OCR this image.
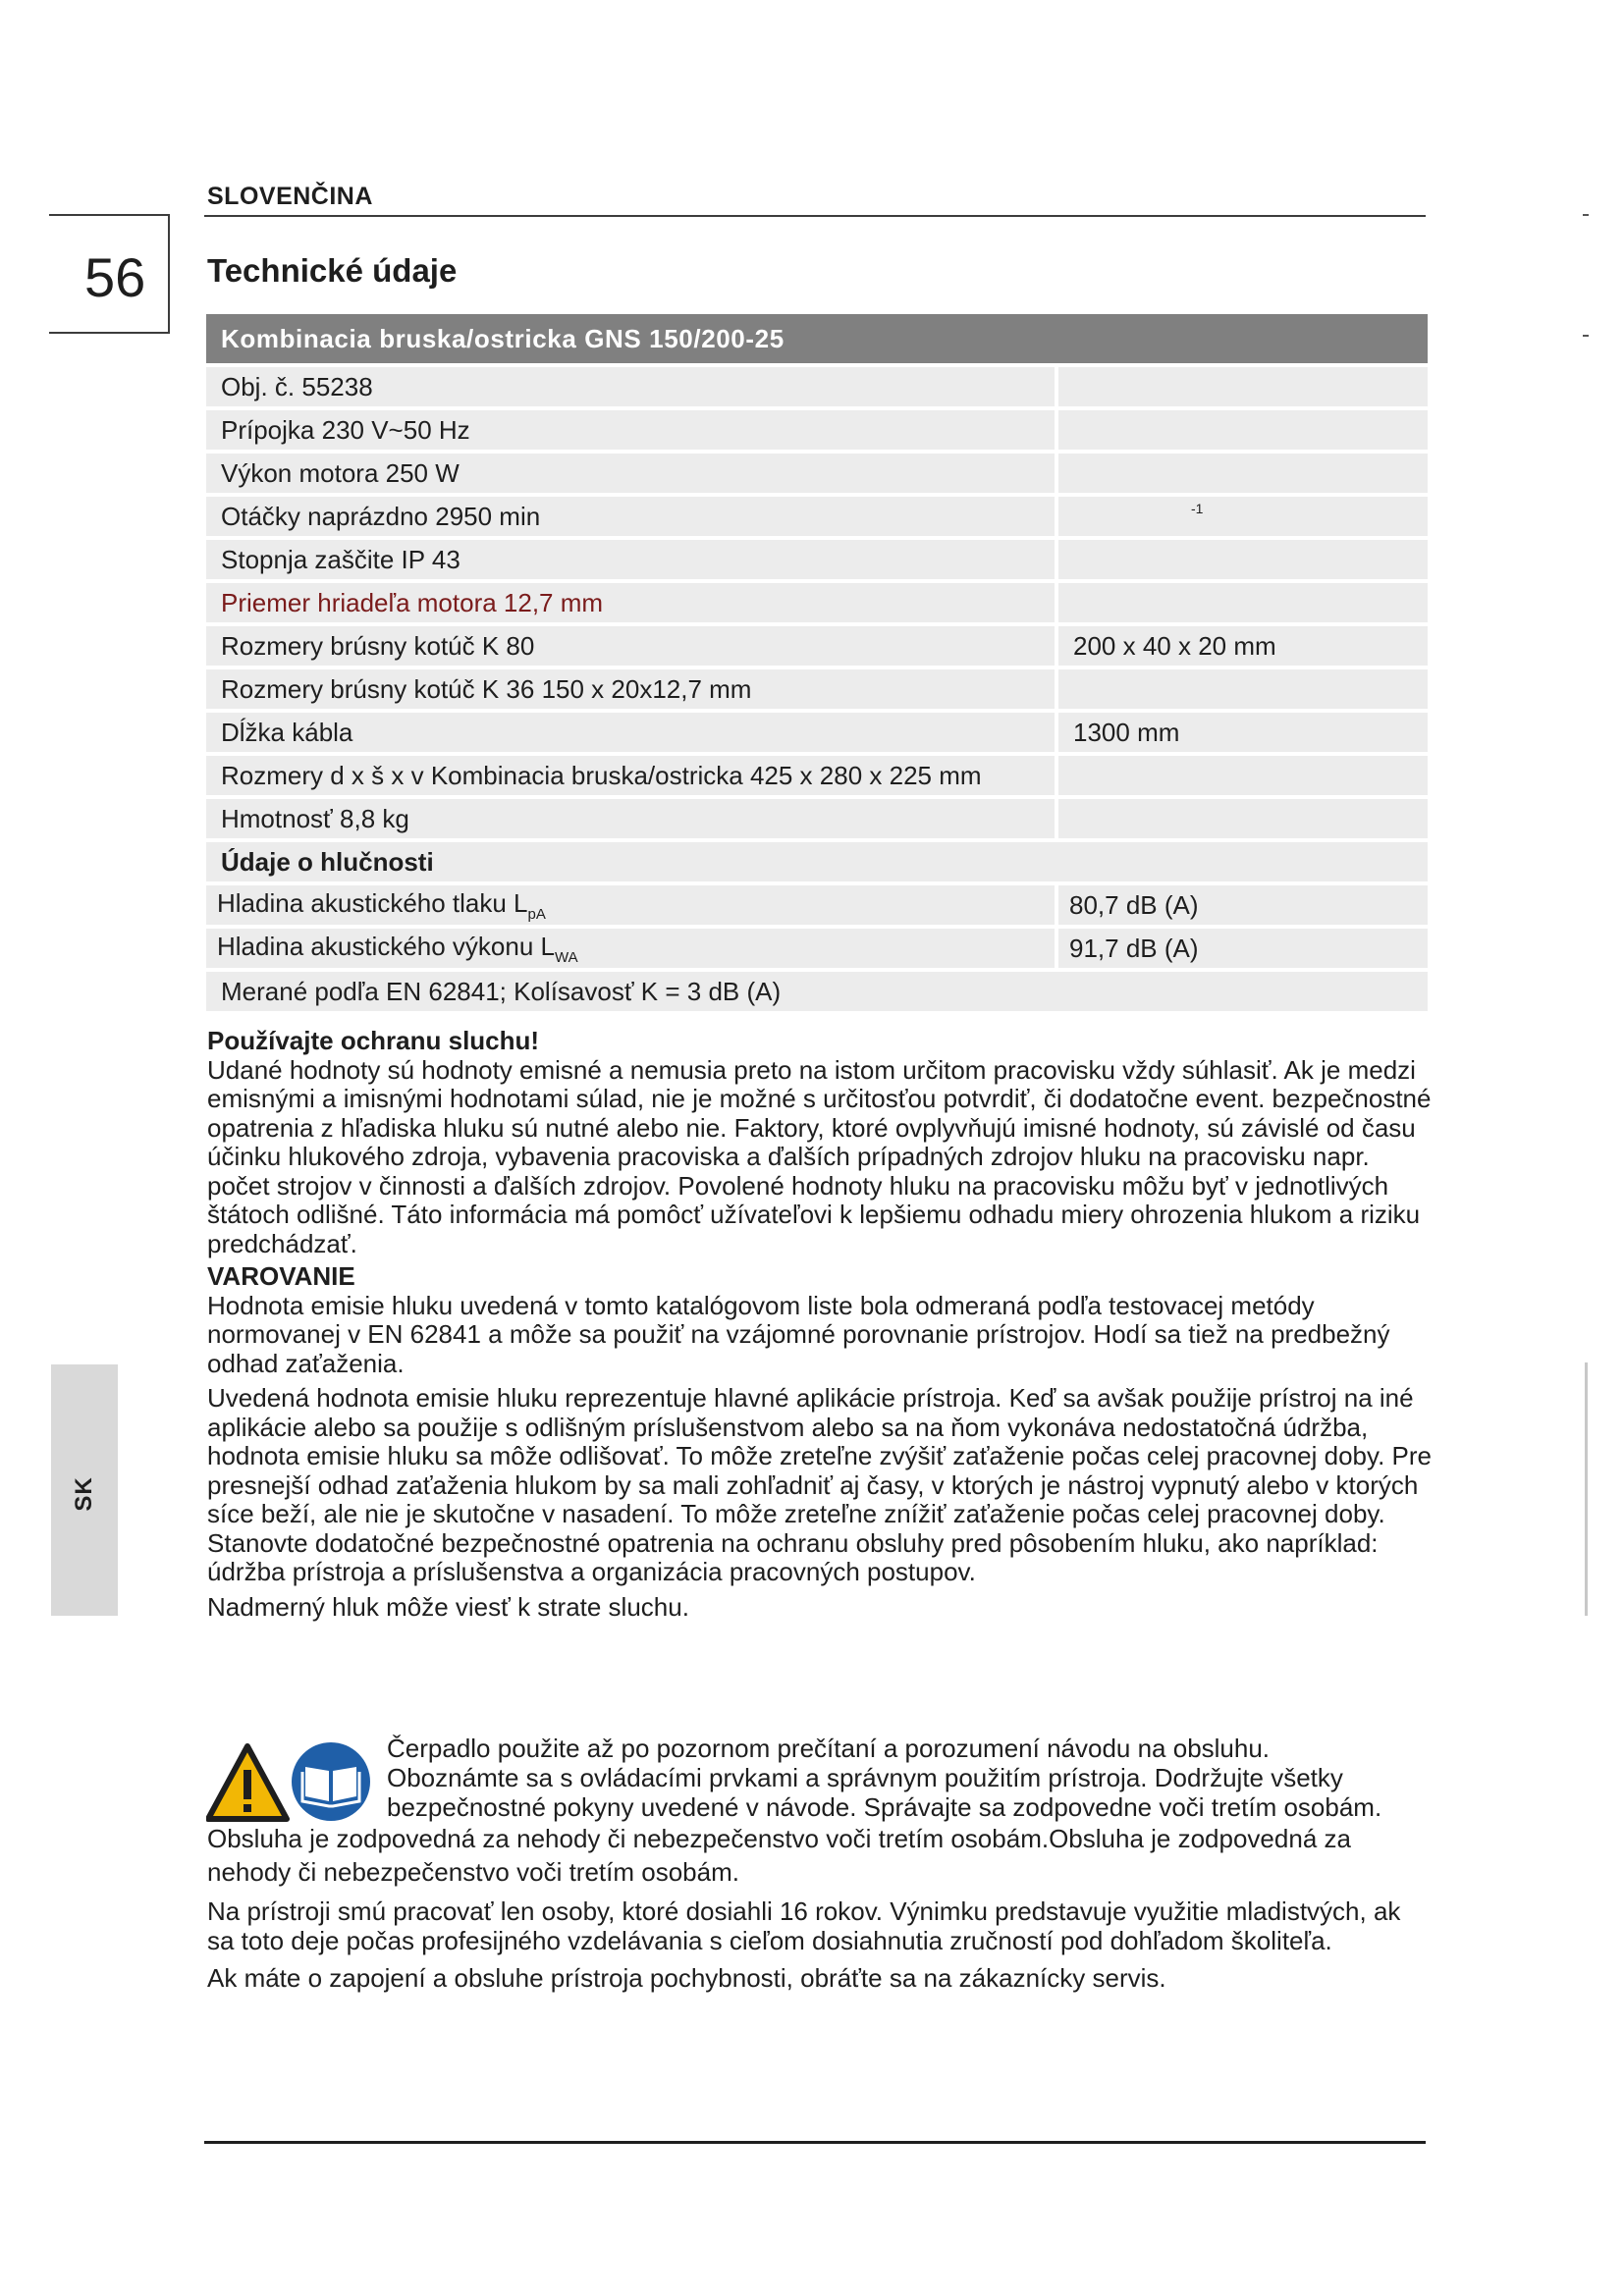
SLOVENČINA
56 Technické údaje
SK
Kombinacia bruska/ostricka GNS 150/200-25	
Obj. č. 55238	
Prípojka 230 V~50 Hz	
Výkon motora 250 W	
Otáčky naprázdno 2950 min	-1
Stopnja zaščite IP 43	
Priemer hriadeľa motora 12,7 mm	
Rozmery brúsny kotúč K 80	200 x 40 x 20 mm
Rozmery brúsny kotúč K 36 150 x 20x12,7 mm	
Dĺžka kábla	1300 mm
Rozmery d x š x v Kombinacia bruska/ostricka 425 x 280 x 225 mm	
Hmotnosť 8,8 kg	
Údaje o hlučnosti	
Hladina akustického tlaku $L_{pA}$	80,7 dB (A)
Hladina akustického výkonu $L_{WA}$	91,7 dB (A)
Merané podľa EN 62841; Kolísavosť K = 3 dB (A)	

Používajte ochranu sluchu!

Udané hodnoty sú hodnoty emisné a nemusia preto na istom určitom pracovisku vždy súhlasiť. Ak je medzi emisnými a imisnými hodnotami súlad, nie je možné s určitosťou potvrdiť, či dodatočne event. bezpečnostné opatrenia z hľadiska hluku sú nutné alebo nie. Faktory, ktoré ovplyvňujú imisné hodnoty, sú závislé od času účinku hlukového zdroja, vybavenia pracoviska a ďalších prípadných zdrojov hluku na pracovisku napr. počet strojov v činnosti a ďalších zdrojov. Povolené hodnoty hluku na pracovisku môžu byť v jednotlivých štátoch odlišné. Táto informácia má pomôcť užívateľovi k lepšiemu odhadu miery ohrozenia hlukom a riziku predchádzať.

VAROVANIE

Hodnota emisie hluku uvedená v tomto katalógovom liste bola odmeraná podľa testovacej metódy normovanej v EN 62841 a môže sa použiť na vzájomné porovnanie prístrojov. Hodí sa tiež na predbežný odhad zaťaženia.

Uvedená hodnota emisie hluku reprezentuje hlavné aplikácie prístroja. Keď sa avšak použije prístroj na iné aplikácie alebo sa použije s odlišným príslušenstvom alebo sa na ňom vykonáva nedostatočná údržba, hodnota emisie hluku sa môže odlišovať. To môže zreteľne zvýšiť zaťaženie počas celej pracovnej doby. Pre presnejší odhad zaťaženia hlukom by sa mali zohľadniť aj časy, v ktorých je nástroj vypnutý alebo v ktorých síce beží, ale nie je skutočne v nasadení. To môže zreteľne znížiť zaťaženie počas celej pracovnej doby.

Stanovte dodatočné bezpečnostné opatrenia na ochranu obsluhy pred pôsobením hluku, ako napríklad: údržba prístroja a príslušenstva a organizácia pracovných postupov.

Nadmerný hluk môže viesť k strate sluchu.

Čerpadlo použite až po pozornom prečítaní a porozumení návodu na obsluhu.

Oboznámte sa s ovládacími prvkami a správnym použitím prístroja. Dodržujte všetky

bezpečnostné pokyny uvedené v návode. Správajte sa zodpovedne voči tretím osobám.

Obsluha je zodpovedná za nehody či nebezpečenstvo voči tretím osobám.Obsluha je zodpovedná za nehody či nebezpečenstvo voči tretím osobám.

Na prístroji smú pracovať len osoby, ktoré dosiahli 16 rokov. Výnimku predstavuje využitie mladistvých, ak sa toto deje počas profesijného vzdelávania s cieľom dosiahnutia zručností pod dohľadom školiteľa.

Ak máte o zapojení a obsluhe prístroja pochybnosti, obráťte sa na zákaznícky servis.
